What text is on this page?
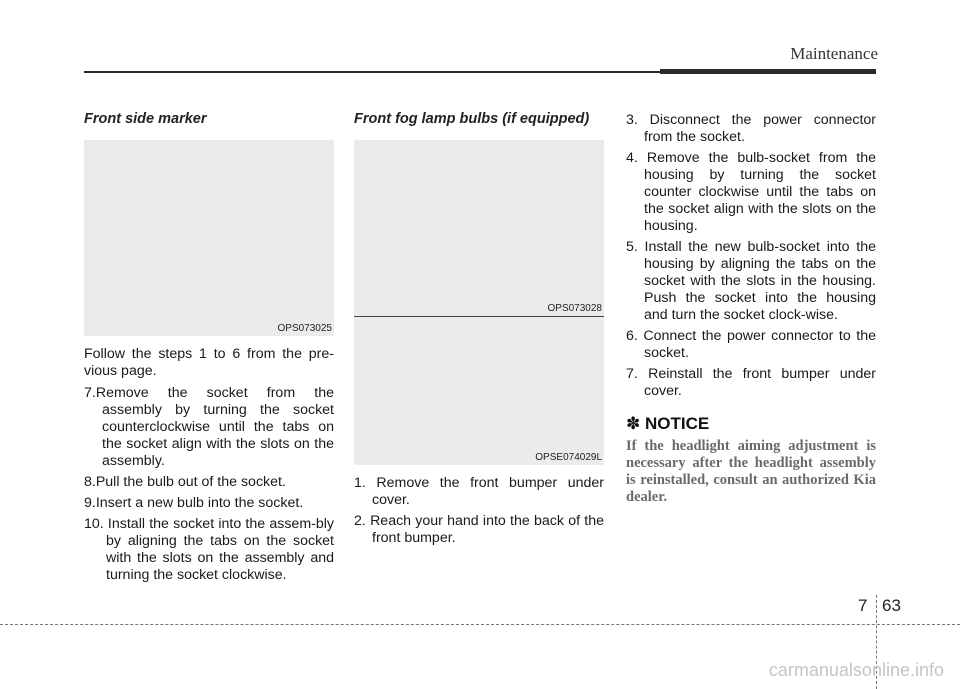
Maintenance
Front side marker
OPS073025

Follow the steps 1 to 6 from the pre-vious page.

7.Remove the socket from the assembly by turning the socket counterclockwise until the tabs on the socket align with the slots on the assembly.
8.Pull the bulb out of the socket.
9.Insert a new bulb into the socket.
10. Install the socket into the assem-bly by aligning the tabs on the socket with the slots on the assembly and turning the socket clockwise.
Front fog lamp bulbs (if equipped)
OPS073028
OPSE074029L
1. Remove the front bumper under cover.
2. Reach your hand into the back of the front bumper.
3. Disconnect the power connector from the socket.
4. Remove the bulb-socket from the housing by turning the socket counter clockwise until the tabs on the socket align with the slots on the housing.
5. Install the new bulb-socket into the housing by aligning the tabs on the socket with the slots in the housing. Push the socket into the housing and turn the socket clock-wise.
6. Connect the power connector to the socket.
7. Reinstall the front bumper under cover.
✽ NOTICE

If the headlight aiming adjustment is necessary after the headlight assembly is reinstalled, consult an authorized Kia dealer.

7 63
carmanualsonline.info
